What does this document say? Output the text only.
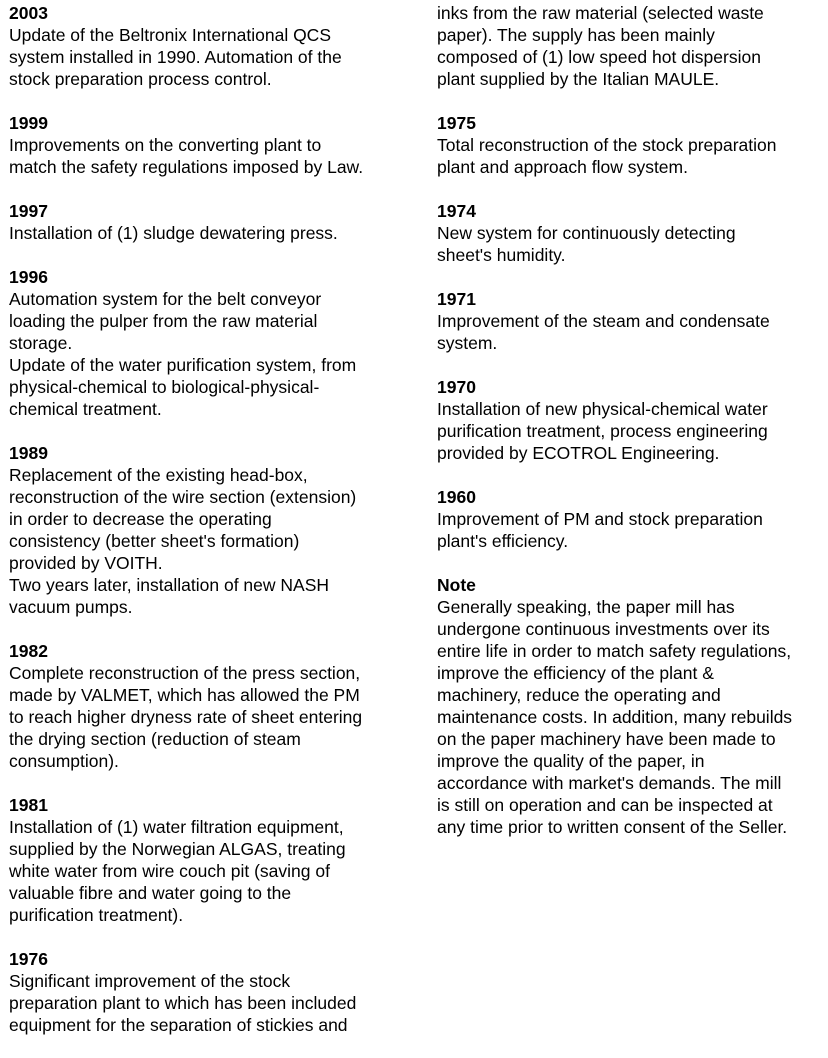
2003
Update of the Beltronix International QCS
system installed in 1990. Automation of the
stock preparation process control.
1999
Improvements on the converting plant to
match the safety regulations imposed by Law.
1997
Installation of (1) sludge dewatering press.
1996
Automation system for the belt conveyor
loading the pulper from the raw material
storage.
Update of the water purification system, from
physical-chemical to biological-physical-
chemical treatment.
1989
Replacement of the existing head-box,
reconstruction of the wire section (extension)
in order to decrease the operating
consistency (better sheet's formation)
provided by VOITH.
Two years later, installation of new NASH
vacuum pumps.
1982
Complete reconstruction of the press section,
made by VALMET, which has allowed the PM
to reach higher dryness rate of sheet entering
the drying section (reduction of steam
consumption).
1981
Installation of (1) water filtration equipment,
supplied by the Norwegian ALGAS, treating
white water from wire couch pit (saving of
valuable fibre and water going to the
purification treatment).
1976
Significant improvement of the stock
preparation plant to which has been included
equipment for the separation of stickies and
inks from the raw material (selected waste
paper). The supply has been mainly
composed of (1) low speed hot dispersion
plant supplied by the Italian MAULE.
1975
Total reconstruction of the stock preparation
plant and approach flow system.
1974
New system for continuously detecting
sheet's humidity.
1971
Improvement of the steam and condensate
system.
1970
Installation of new physical-chemical water
purification treatment, process engineering
provided by ECOTROL Engineering.
1960
Improvement of PM and stock preparation
plant's efficiency.
Note
Generally speaking, the paper mill has
undergone continuous investments over its
entire life in order to match safety regulations,
improve the efficiency of the plant &
machinery, reduce the operating and
maintenance costs. In addition, many rebuilds
on the paper machinery have been made to
improve the quality of the paper, in
accordance with market's demands. The mill
is still on operation and can be inspected at
any time prior to written consent of the Seller.
